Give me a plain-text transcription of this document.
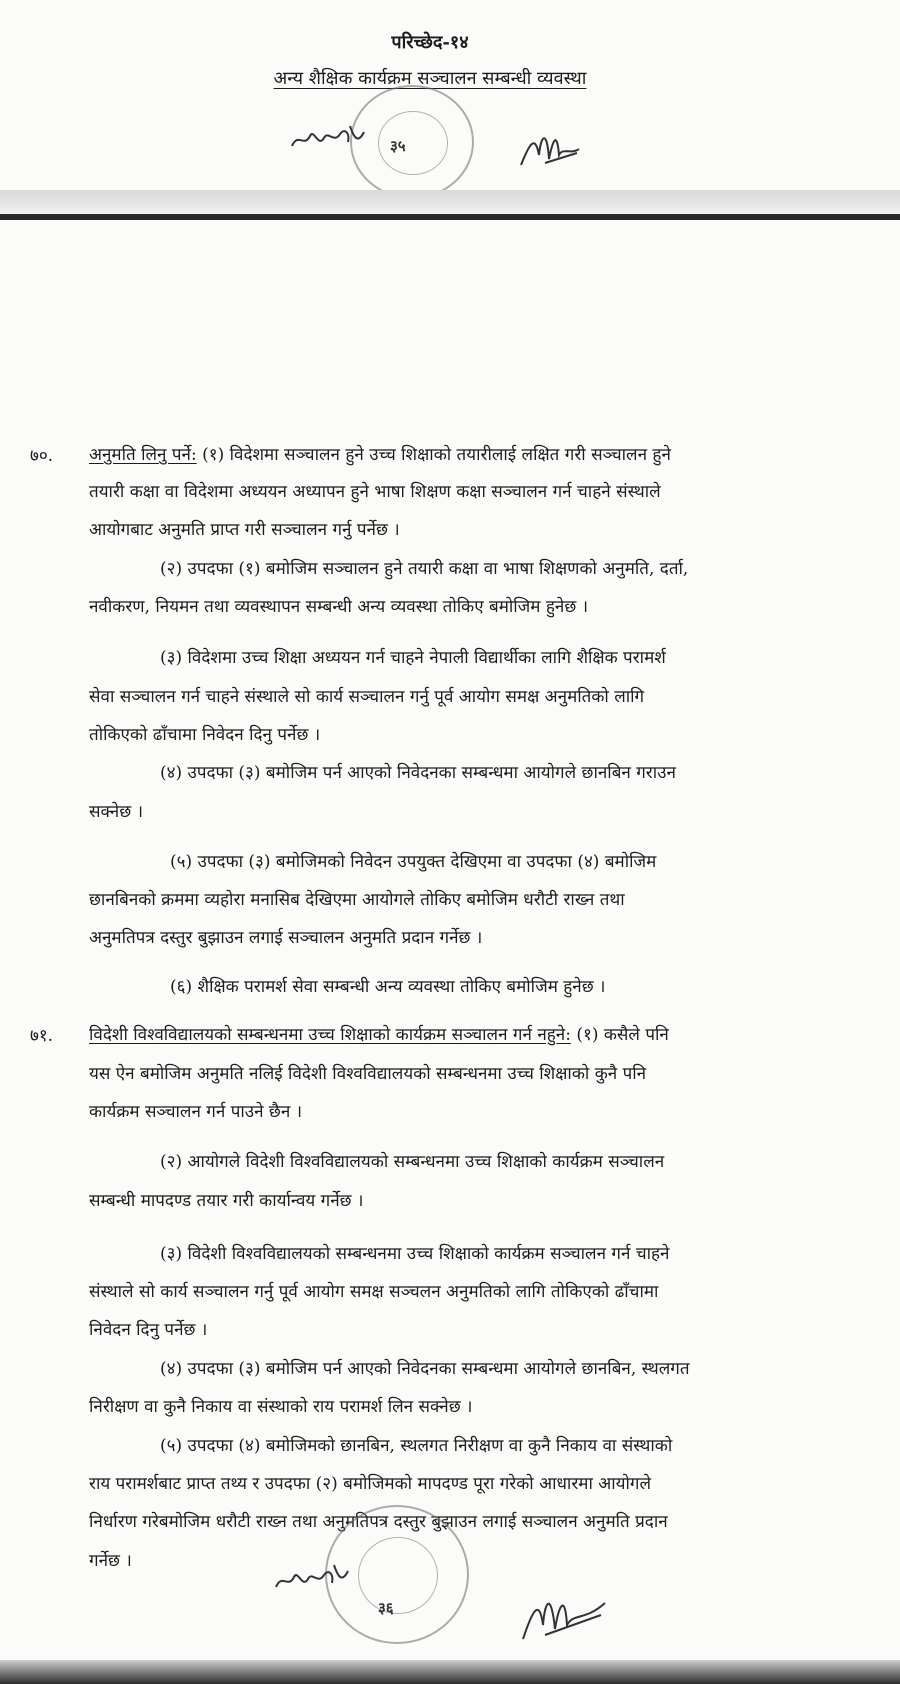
परिच्छेद-१४
अन्य शैक्षिक कार्यक्रम सञ्चालन सम्बन्धी व्यवस्था
३५

७०. अनुमति लिनु पर्ने: (१) विदेशमा सञ्चालन हुने उच्च शिक्षाको तयारीलाई लक्षित गरी सञ्चालन हुने

तयारी कक्षा वा विदेशमा अध्ययन अध्यापन हुने भाषा शिक्षण कक्षा सञ्चालन गर्न चाहने संस्थाले

आयोगबाट अनुमति प्राप्त गरी सञ्चालन गर्नु पर्नेछ ।

(२) उपदफा (१) बमोजिम सञ्चालन हुने तयारी कक्षा वा भाषा शिक्षणको अनुमति, दर्ता,

नवीकरण, नियमन तथा व्यवस्थापन सम्बन्धी अन्य व्यवस्था तोकिए बमोजिम हुनेछ ।

(३) विदेशमा उच्च शिक्षा अध्ययन गर्न चाहने नेपाली विद्यार्थीका लागि शैक्षिक परामर्श

सेवा सञ्चालन गर्न चाहने संस्थाले सो कार्य सञ्चालन गर्नु पूर्व आयोग समक्ष अनुमतिको लागि

तोकिएको ढाँचामा निवेदन दिनु पर्नेछ ।

(४) उपदफा (३) बमोजिम पर्न आएको निवेदनका सम्बन्धमा आयोगले छानबिन गराउन

सक्नेछ ।

(५) उपदफा (३) बमोजिमको निवेदन उपयुक्त देखिएमा वा उपदफा (४) बमोजिम

छानबिनको क्रममा व्यहोरा मनासिब देखिएमा आयोगले तोकिए बमोजिम धरौटी राख्न तथा

अनुमतिपत्र दस्तुर बुझाउन लगाई सञ्चालन अनुमति प्रदान गर्नेछ ।

(६) शैक्षिक परामर्श सेवा सम्बन्धी अन्य व्यवस्था तोकिए बमोजिम हुनेछ ।

७१. विदेशी विश्वविद्यालयको सम्बन्धनमा उच्च शिक्षाको कार्यक्रम सञ्चालन गर्न नहुने: (१) कसैले पनि

यस ऐन बमोजिम अनुमति नलिई विदेशी विश्वविद्यालयको सम्बन्धनमा उच्च शिक्षाको कुनै पनि

कार्यक्रम सञ्चालन गर्न पाउने छैन ।

(२) आयोगले विदेशी विश्वविद्यालयको सम्बन्धनमा उच्च शिक्षाको कार्यक्रम सञ्चालन

सम्बन्धी मापदण्ड तयार गरी कार्यान्वय गर्नेछ ।

(३) विदेशी विश्वविद्यालयको सम्बन्धनमा उच्च शिक्षाको कार्यक्रम सञ्चालन गर्न चाहने

संस्थाले सो कार्य सञ्चालन गर्नु पूर्व आयोग समक्ष सञ्चलन अनुमतिको लागि तोकिएको ढाँचामा

निवेदन दिनु पर्नेछ ।

(४) उपदफा (३) बमोजिम पर्न आएको निवेदनका सम्बन्धमा आयोगले छानबिन, स्थलगत

निरीक्षण वा कुनै निकाय वा संस्थाको राय परामर्श लिन सक्नेछ ।

(५) उपदफा (४) बमोजिमको छानबिन, स्थलगत निरीक्षण वा कुनै निकाय वा संस्थाको

राय परामर्शबाट प्राप्त तथ्य र उपदफा (२) बमोजिमको मापदण्ड पूरा गरेको आधारमा आयोगले

निर्धारण गरेबमोजिम धरौटी राख्न तथा अनुमतिपत्र दस्तुर बुझाउन लगाई सञ्चालन अनुमति प्रदान

गर्नेछ ।

३६
